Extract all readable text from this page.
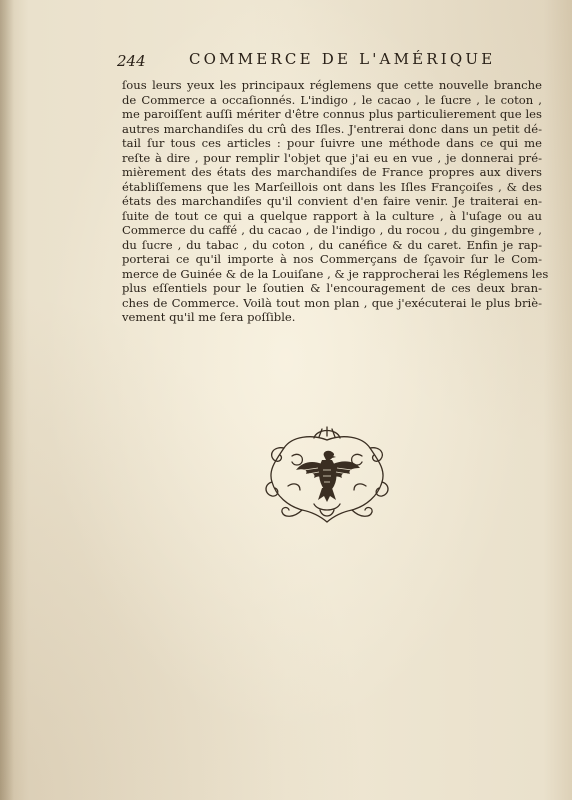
244	COMMERCE DE L'AMÉRIQUE
ſous leurs yeux les principaux réglemens que cette nouvelle branche
de Commerce a occaſionnés. L'indigo , le cacao , le ſucre , le coton ,
me paroiſſent auſſi mériter d'être connus plus particulierement que les
autres marchandiſes du crû des Iſles. J'entrerai donc dans un petit dé-
tail ſur tous ces articles : pour ſuivre une méthode dans ce qui me
reſte à dire , pour remplir l'objet que j'ai eu en vue , je donnerai pré-
mièrement des états des marchandiſes de France propres aux divers
établiſſemens que les Marſeillois ont dans les Iſles Françoiſes , & des
états des marchandiſes qu'il convient d'en faire venir. Je traiterai en-
ſuite de tout ce qui a quelque rapport à la culture , à l'uſage ou au
Commerce du caffé , du cacao , de l'indigo , du rocou , du gingembre ,
du ſucre , du tabac , du coton , du canéfice & du caret. Enfin je rap-
porterai ce qu'il importe à nos Commerçans de ſçavoir ſur le Com-
merce de Guinée & de la Louiſane , & je rapprocherai les Réglemens les
plus eſſentiels pour le ſoutien & l'encouragement de ces deux bran-
ches de Commerce. Voilà tout mon plan , que j'exécuterai le plus briè-
vement qu'il me ſera poſſible.
